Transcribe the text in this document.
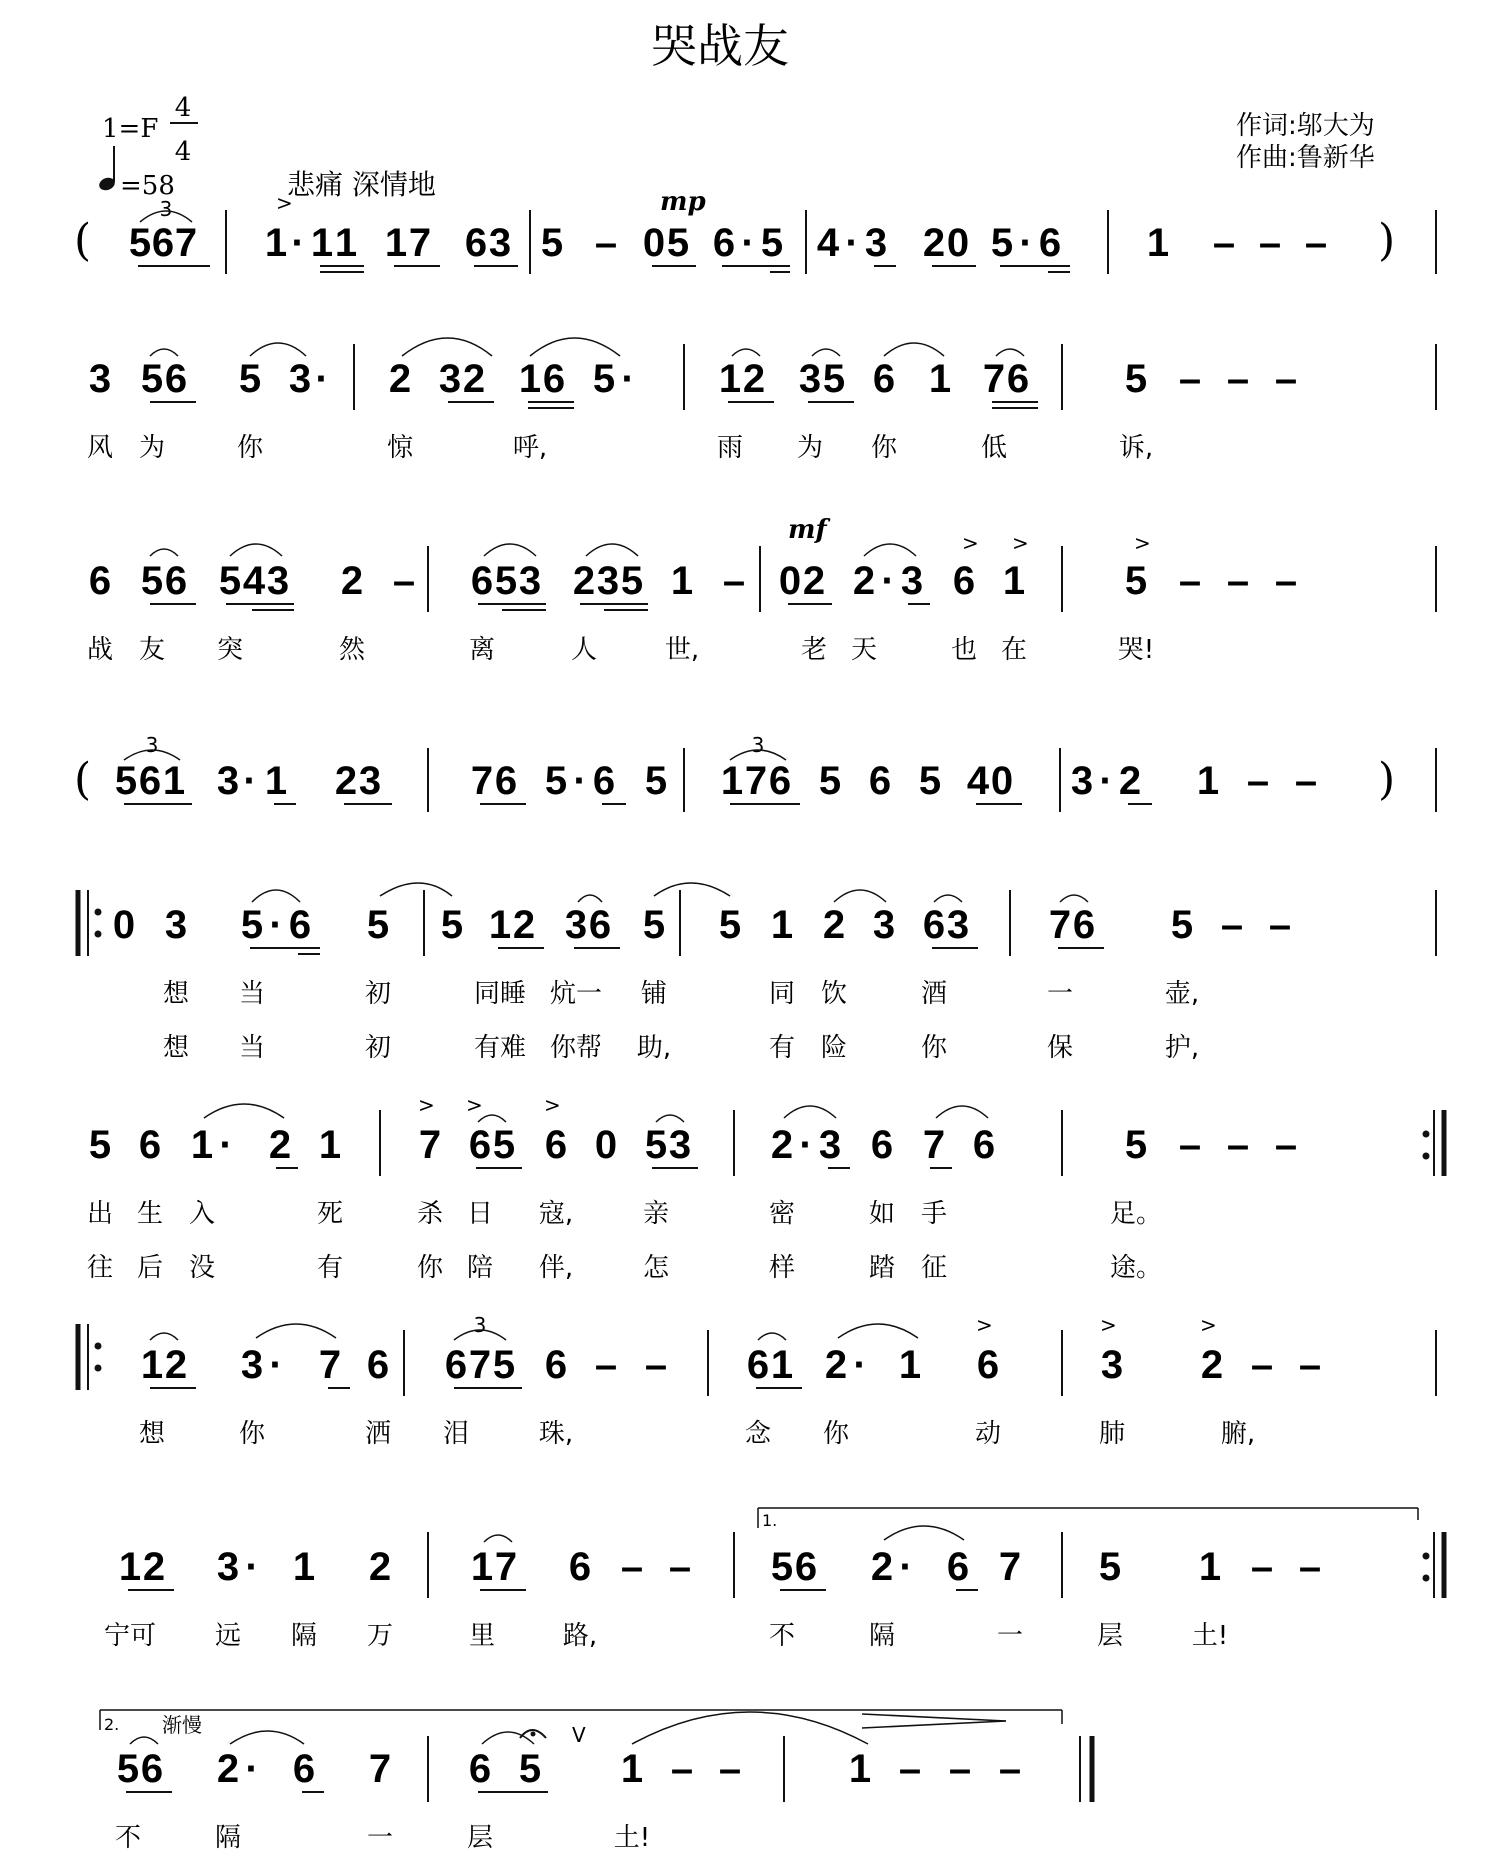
哭战友
1=F
4
4
=58	悲痛 深情地
作词:邬大为
作曲:鲁新华
(	)
5 6 7 1 · 1 1 1 7 6 3 5 – 0 5 6 · 5 4 · 3 2 0 5 · 6 1 – – –
mp
3	>
3 5 6 5 3 · 2 3 2 1 6 5 · 1 2 3 5 6 1 7 6 5 – – –
风 为	你	惊	呼,	雨 为 你	低	诉,
6 5 6 5 4 3 2 – 6 5 3 2 3 5 1 – 0 2 2 · 3 6 1 5 – – –
mf	> >	>
战 友 突	然	离	人	世,	老 天	也 在	哭!
(	)
5 6 1 3 · 1 2 3 7 6 5 · 6 5 1 7 6 5 6 5 4 0 3 · 2 1 – –
3	3
0 3 5 · 6 5 5 1 2 3 6 5 5 1 2 3 6 3 7 6 5 – –
想 当	初	同睡 炕一 铺	同 饮	酒	一	壶,
想 当	初	有难 你帮 助,	有 险	你	保	护,
5 6 1 · 2 1 7 6 5 6 0 5 3 2 · 3 6 7 6	5 – – –
> >	>
出 生 入	死	杀 日 寇,	亲	密	如 手	足。
往 后 没	有	你 陪 伴,	怎	样	踏 征	途。
1 2 3 · 7 6 6 7 5 6 – – 6 1 2 · 1 6	3 2 – –
3	>	>	>
想	你	洒 泪	珠,	念 你	动	肺	腑,
1.
1 2 3 · 1 2 1 7 6 – – 5 6 2 · 6 7 5 1 – –
宁可 远 隔 万	里	路,	不	隔	一	层	土!
2. 渐慢
5 6 2 · 6 7 6 5 1 – –	1 – – –
V
不	隔	一	层	土!
